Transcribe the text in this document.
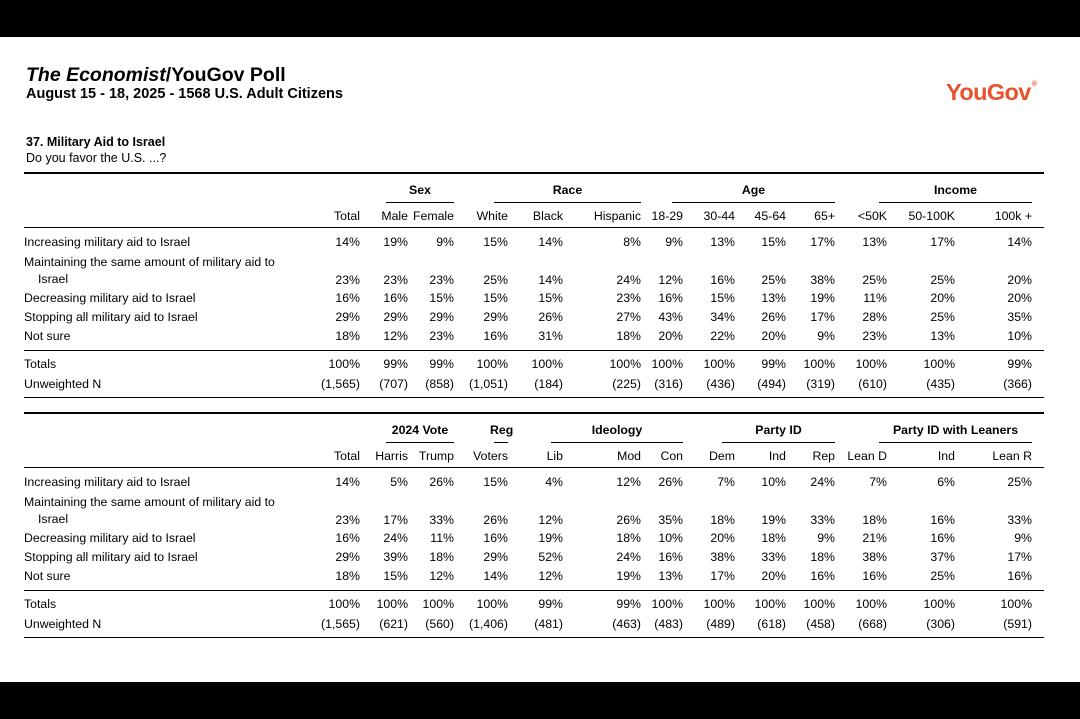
The Economist/YouGov Poll
August 15 - 18, 2025 - 1568 U.S. Adult Citizens	YouGov®
37. Military Aid to Israel
Do you favor the U.S. ...?
Sex	Race	Age	Income
Total Male Female White Black	Hispanic 18-29 30-44 45-64 65+ <50K 50-100K	100k +
Increasing military aid to Israel	14% 19% 9% 15% 14%	8% 9% 13% 15% 17% 13%	17%	14%
Maintaining the same amount of military aid to
Israel	23% 23% 23% 25% 14%	24% 12% 16% 25% 38% 25%	25%	20%
Decreasing military aid to Israel	16% 16% 15% 15% 15%	23% 16% 15% 13% 19% 11%	20%	20%
Stopping all military aid to Israel	29% 29% 29% 29% 26%	27% 43% 34% 26% 17% 28%	25%	35%
Not sure	18% 12% 23% 16% 31%	18% 20% 22% 20%	9% 23%	13%	10%
Totals	100% 99% 99% 100% 100%	100% 100% 100% 99% 100% 100%	100%	99%
Unweighted N	(1,565) (707) (858) (1,051) (184)	(225) (316) (436) (494) (319) (610)	(435)	(366)
2024 Vote	Reg	Ideology	Party ID	Party ID with Leaners
Total Harris Trump Voters	Lib	Mod Con Dem	Ind Rep Lean D	Ind	Lean R
Increasing military aid to Israel	14% 5% 26% 15%	4%	12% 26%	7% 10% 24%	7%	6%	25%
Maintaining the same amount of military aid to
Israel	23% 17% 33% 26% 12%	26% 35% 18% 19% 33% 18%	16%	33%
Decreasing military aid to Israel	16% 24% 11% 16% 19%	18% 10% 20% 18%	9% 21%	16%	9%
Stopping all military aid to Israel	29% 39% 18% 29% 52%	24% 16% 38% 33% 18% 38%	37%	17%
Not sure	18% 15% 12% 14% 12%	19% 13% 17% 20% 16% 16%	25%	16%
Totals	100% 100% 100% 100% 99%	99% 100% 100% 100% 100% 100%	100%	100%
Unweighted N	(1,565) (621) (560) (1,406) (481)	(463) (483) (489) (618) (458) (668)	(306)	(591)
